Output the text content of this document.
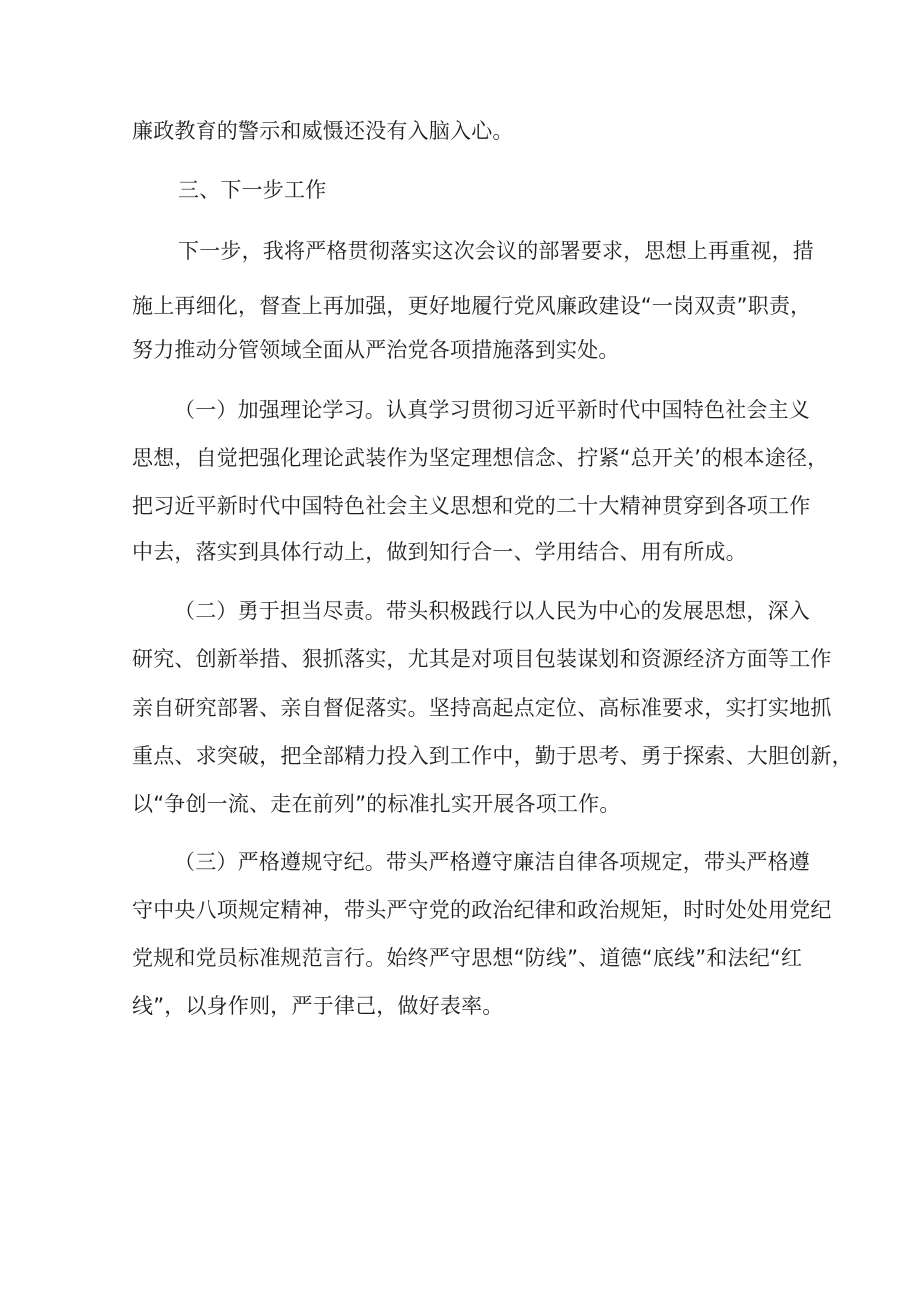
廉政教育的警示和威慑还没有入脑入心。
三、下一步工作
下一步，我将严格贯彻落实这次会议的部署要求，思想上再重视，措
施上再细化，督查上再加强，更好地履行党风廉政建设“一岗双责”职责，
努力推动分管领域全面从严治党各项措施落到实处。
（一）加强理论学习。认真学习贯彻习近平新时代中国特色社会主义
思想，自觉把强化理论武装作为坚定理想信念、拧紧“总开关’的根本途径，
把习近平新时代中国特色社会主义思想和党的二十大精神贯穿到各项工作
中去，落实到具体行动上，做到知行合一、学用结合、用有所成。
（二）勇于担当尽责。带头积极践行以人民为中心的发展思想，深入
研究、创新举措、狠抓落实，尤其是对项目包装谋划和资源经济方面等工作
亲自研究部署、亲自督促落实。坚持高起点定位、高标准要求，实打实地抓
重点、求突破，把全部精力投入到工作中，勤于思考、勇于探索、大胆创新，
以“争创一流、走在前列”的标准扎实开展各项工作。
（三）严格遵规守纪。带头严格遵守廉洁自律各项规定，带头严格遵
守中央八项规定精神，带头严守党的政治纪律和政治规矩，时时处处用党纪
党规和党员标准规范言行。始终严守思想“防线”、道德“底线”和法纪“红
线”，以身作则，严于律己，做好表率。
